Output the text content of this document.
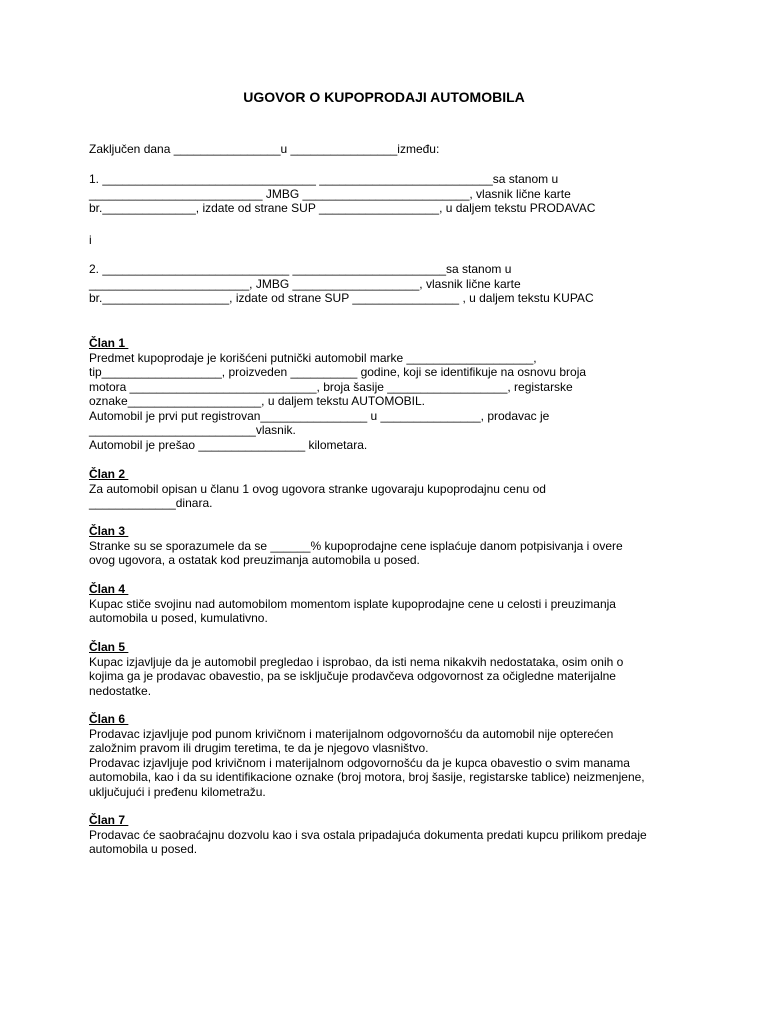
UGOVOR O KUPOPRODAJI AUTOMOBILA
Zaključen dana ________________u ________________između:
1. ________________________________ __________________________sa stanom u
__________________________ JMBG _________________________, vlasnik lične karte
br.______________, izdate od strane SUP __________________, u daljem tekstu PRODAVAC
i
2. ____________________________ _______________________sa stanom u
________________________, JMBG ___________________, vlasnik lične karte
br.___________________, izdate od strane SUP ________________ , u daljem tekstu KUPAC
Član 1
Predmet kupoprodaje je korišćeni putnički automobil marke ___________________,
tip__________________, proizveden __________ godine, koji se identifikuje na osnovu broja
motora ____________________________, broja šasije __________________, registarske
oznake____________________, u daljem tekstu AUTOMOBIL.
Automobil je prvi put registrovan________________ u _______________, prodavac je
_________________________vlasnik.
Automobil je prešao ________________ kilometara.
Član 2
Za automobil opisan u članu 1 ovog ugovora stranke ugovaraju kupoprodajnu cenu od
_____________dinara.
Član 3
Stranke su se sporazumele da se ______% kupoprodajne cene isplaćuje danom potpisivanja i overe
ovog ugovora, a ostatak kod preuzimanja automobila u posed.
Član 4
Kupac stiče svojinu nad automobilom momentom isplate kupoprodajne cene u celosti i preuzimanja
automobila u posed, kumulativno.
Član 5
Kupac izjavljuje da je automobil pregledao i isprobao, da isti nema nikakvih nedostataka, osim onih o
kojima ga je prodavac obavestio, pa se isključuje prodavčeva odgovornost za očigledne materijalne
nedostatke.
Član 6
Prodavac izjavljuje pod punom krivičnom i materijalnom odgovornošću da automobil nije opterećen
založnim pravom ili drugim teretima, te da je njegovo vlasništvo.
Prodavac izjavljuje pod krivičnom i materijalnom odgovornošću da je kupca obavestio o svim manama
automobila, kao i da su identifikacione oznake (broj motora, broj šasije, registarske tablice) neizmenjene,
uključujući i pređenu kilometražu.
Član 7
Prodavac će saobraćajnu dozvolu kao i sva ostala pripadajuća dokumenta predati kupcu prilikom predaje
automobila u posed.
